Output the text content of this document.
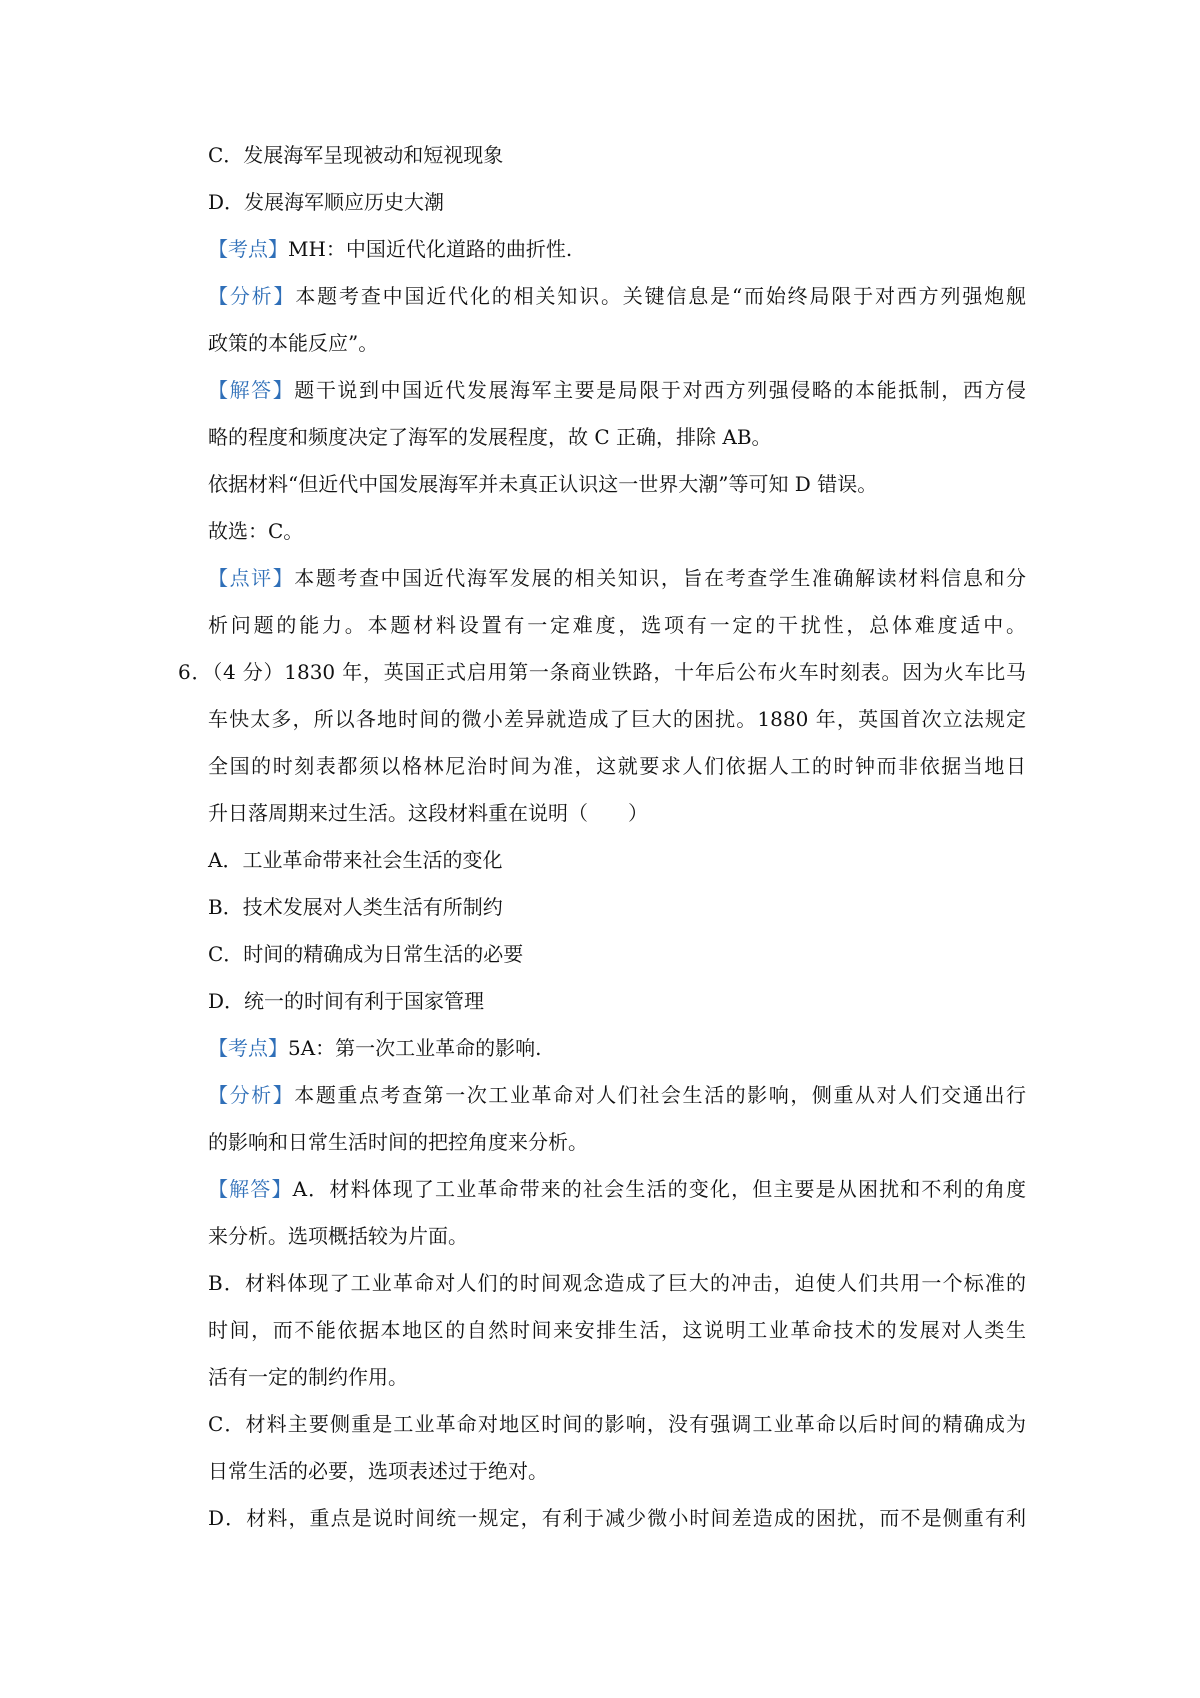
C．发展海军呈现被动和短视现象
D．发展海军顺应历史大潮
【考点】MH：中国近代化道路的曲折性.
【分析】本题考查中国近代化的相关知识。关键信息是“而始终局限于对西方列强炮舰
政策的本能反应”。
【解答】题干说到中国近代发展海军主要是局限于对西方列强侵略的本能抵制，西方侵
略的程度和频度决定了海军的发展程度，故 C 正确，排除 AB。
依据材料“但近代中国发展海军并未真正认识这一世界大潮”等可知 D 错误。
故选：C。
【点评】本题考查中国近代海军发展的相关知识，旨在考查学生准确解读材料信息和分
析问题的能力。本题材料设置有一定难度，选项有一定的干扰性，总体难度适中。
6．（4 分）1830 年，英国正式启用第一条商业铁路，十年后公布火车时刻表。因为火车比马
车快太多，所以各地时间的微小差异就造成了巨大的困扰。1880 年，英国首次立法规定
全国的时刻表都须以格林尼治时间为准，这就要求人们依据人工的时钟而非依据当地日
升日落周期来过生活。这段材料重在说明（　　）
A．工业革命带来社会生活的变化
B．技术发展对人类生活有所制约
C．时间的精确成为日常生活的必要
D．统一的时间有利于国家管理
【考点】5A：第一次工业革命的影响.
【分析】本题重点考查第一次工业革命对人们社会生活的影响，侧重从对人们交通出行
的影响和日常生活时间的把控角度来分析。
【解答】A．材料体现了工业革命带来的社会生活的变化，但主要是从困扰和不利的角度
来分析。选项概括较为片面。
B．材料体现了工业革命对人们的时间观念造成了巨大的冲击，迫使人们共用一个标准的
时间，而不能依据本地区的自然时间来安排生活，这说明工业革命技术的发展对人类生
活有一定的制约作用。
C．材料主要侧重是工业革命对地区时间的影响，没有强调工业革命以后时间的精确成为
日常生活的必要，选项表述过于绝对。
D．材料，重点是说时间统一规定，有利于减少微小时间差造成的困扰，而不是侧重有利
